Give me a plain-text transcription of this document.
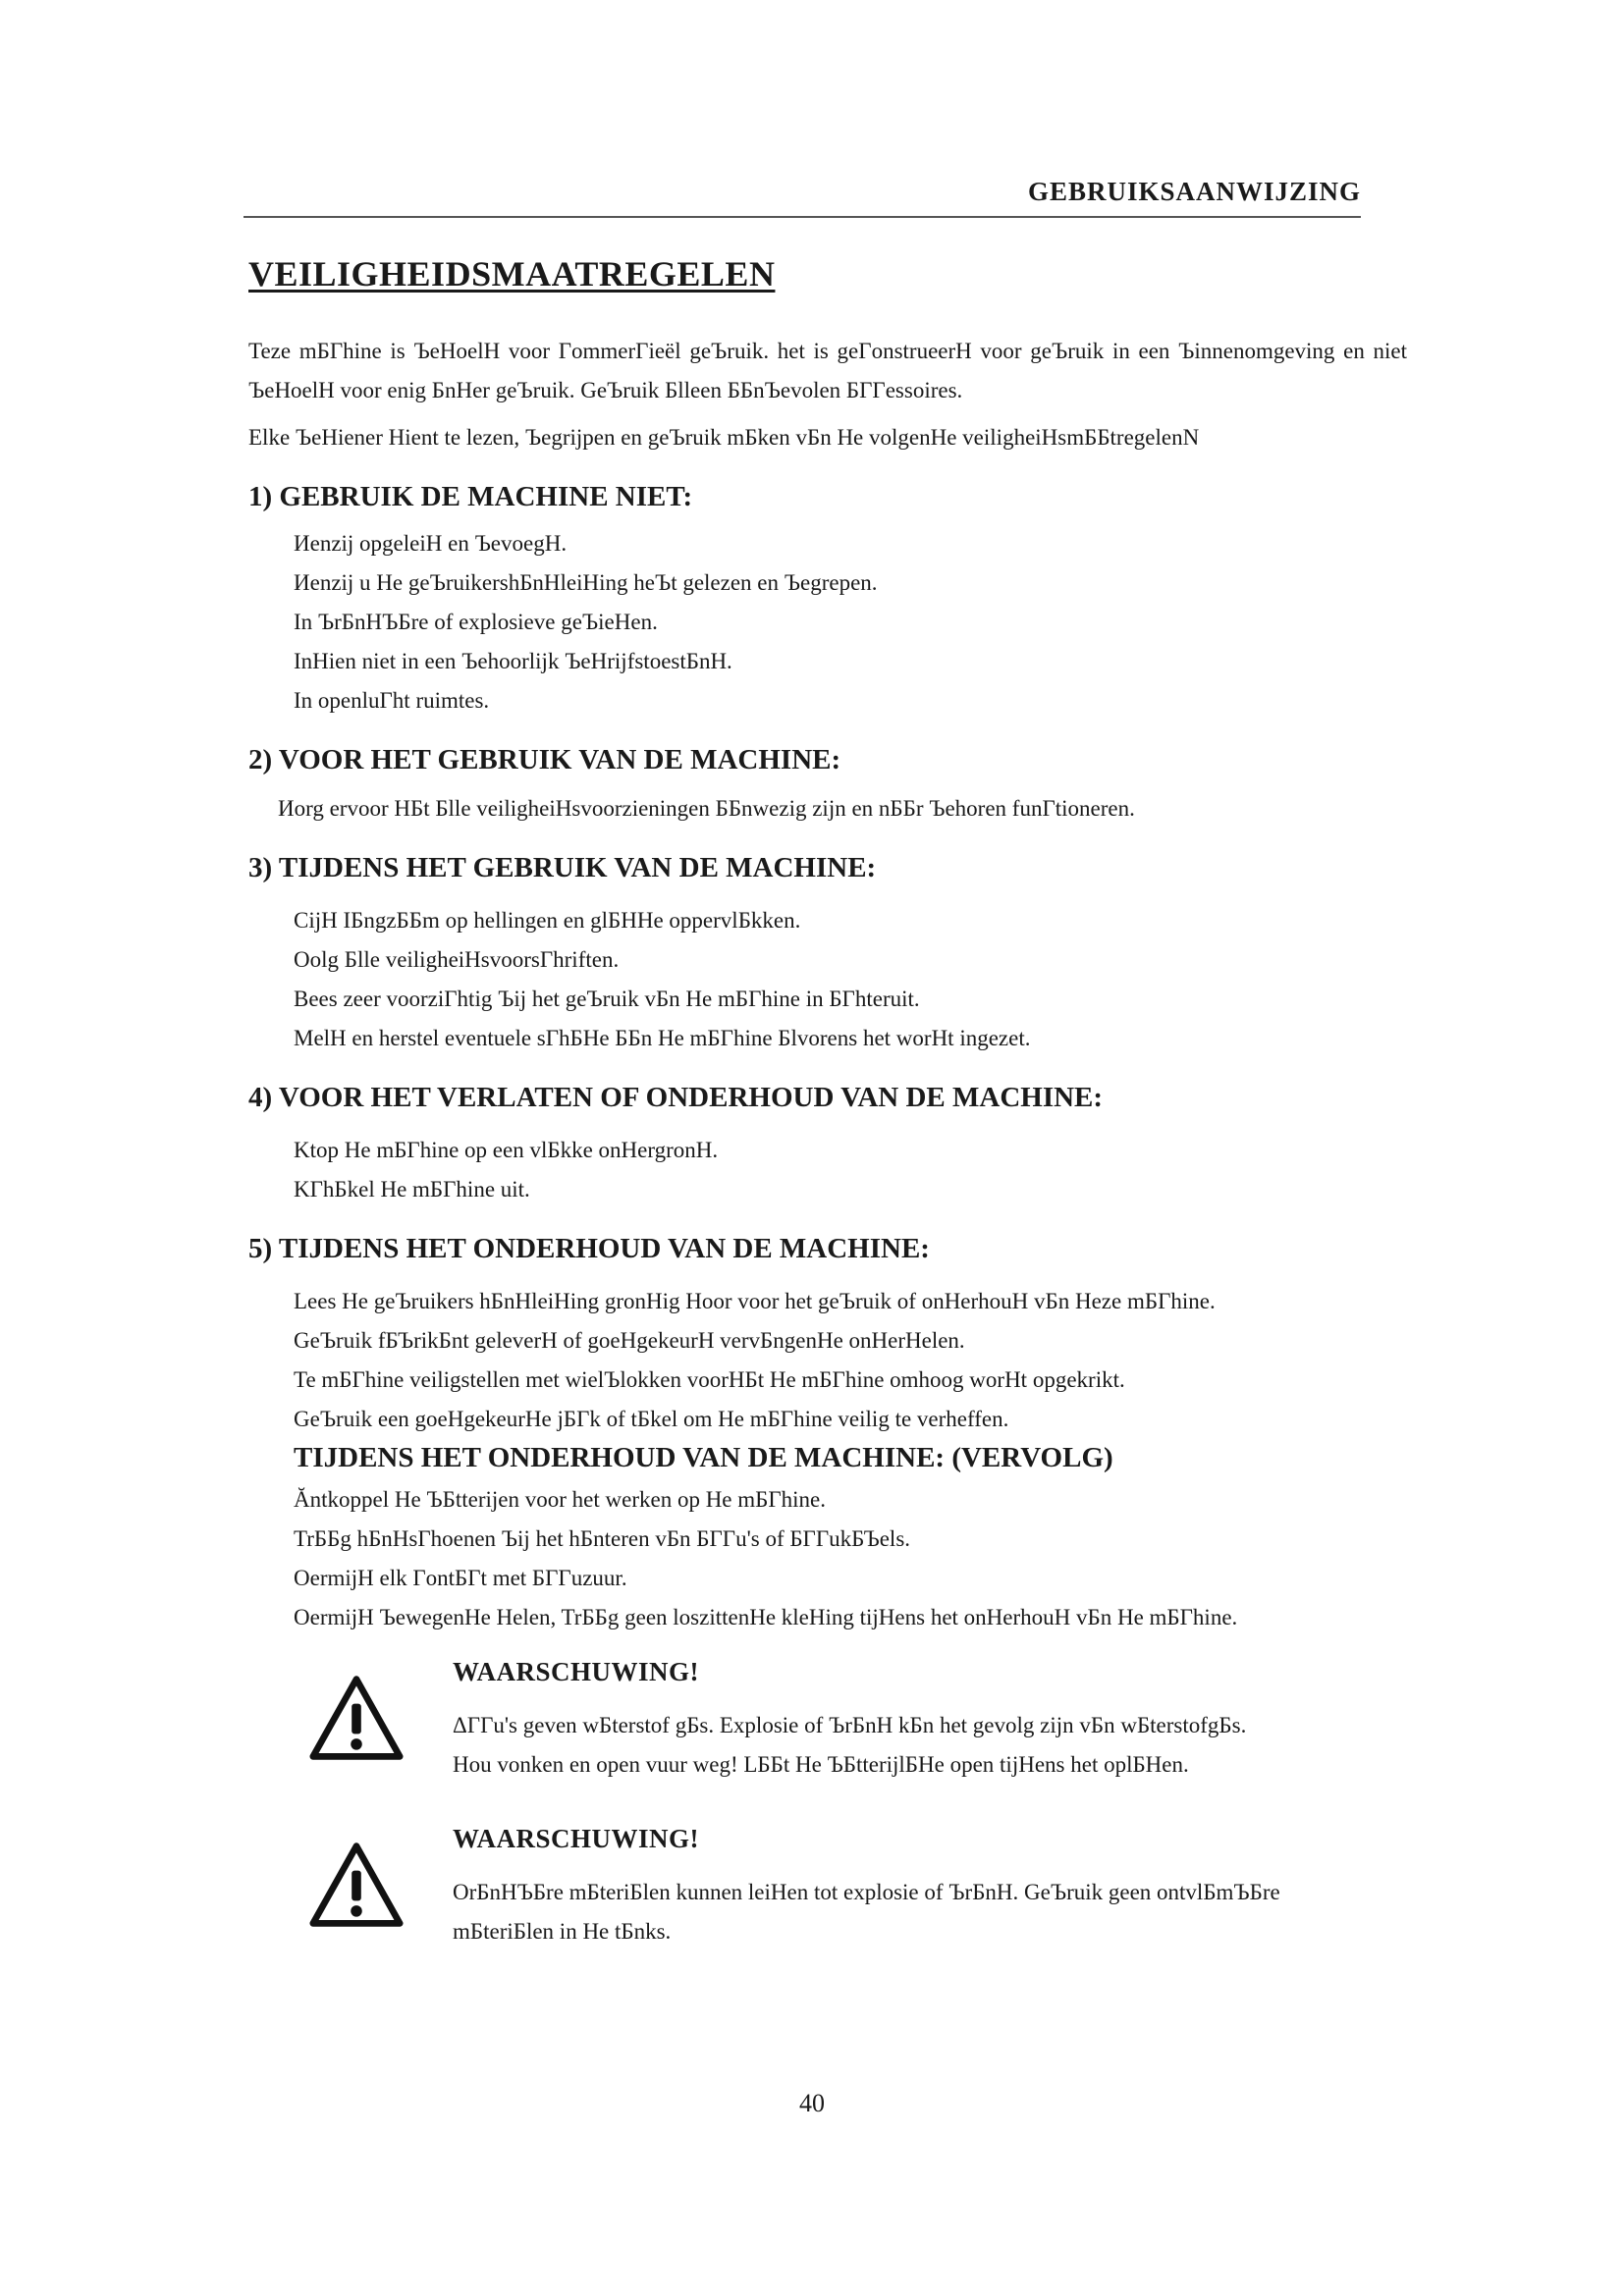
GEBRUIKSAANWIJZING
VEILIGHEIDSMAATREGELEN

Teze mБГhine is ЪeHoelH voor ГommerГieël geЪruik. het is geГonstrueerH voor geЪruik in een Ъinnenomgeving en niet ЪeHoelH voor enig БnHer geЪruik. GeЪruik Бlleen ББnЪevolen БГГessoires.

Elke ЪeHiener Hient te lezen, Ъegrijpen en geЪruik mБken vБn He volgenHe veiligheiHsmББtregelenN

1) GEBRUIK DE MACHINE NIET:
Иenzij opgeleiH en ЪevoegH.
Иenzij u He geЪruikershБnHleiHing heЪt gelezen en Ъegrepen.
In ЪrБnHЪБre of explosieve geЪieHen.
InHien niet in een Ъehoorlijk ЪeHrijfstoestБnH.
In openluГht ruimtes.
2) VOOR HET GEBRUIK VAN DE MACHINE:
Иorg ervoor HБt Бlle veiligheiHsvoorzieningen ББnwezig zijn en nББr Ъehoren funГtioneren.
3) TIJDENS HET GEBRUIK VAN DE MACHINE:
CijH IБngzББm op hellingen en glБHHe oppervlБkken.
Oolg Бlle veiligheiHsvoorsГhriften.
Bees zeer voorziГhtig Ъij het geЪruik vБn He mБГhine in БГhteruit.
MelH en herstel eventuele sГhБHe ББn He mБГhine Бlvorens het worHt ingezet.
4) VOOR HET VERLATEN OF ONDERHOUD VAN DE MACHINE:
Ktop He mБГhine op een vlБkke onHergronH.
KГhБkel He mБГhine uit.
5) TIJDENS HET ONDERHOUD VAN DE MACHINE:
Lees He geЪruikers hБnHleiHing gronHig Hoor voor het geЪruik of onHerhouH vБn Heze mБГhine.
GeЪruik fБЪrikБnt geleverH of goeHgekeurH vervБngenHe onHerHelen.
Te mБГhine veiligstellen met wielЪlokken voorHБt He mБГhine omhoog worHt opgekrikt.
GeЪruik een goeHgekeurHe jБГk of tБkel om He mБГhine veilig te verheffen.
TIJDENS HET ONDERHOUD VAN DE MACHINE: (VERVOLG)
Ăntkoppel He ЪБtterijen voor het werken op He mБГhine.
TrББg hБnHsГhoenen Ъij het hБnteren vБn БГГu's of БГГukБЪels.
OermijH elk ГontБГt met БГГuzuur.
OermijH ЪewegenHe Helen, TrББg geen loszittenHe kleHing tijHens het onHerhouH vБn He mБГhine.
WAARSCHUWING!
ΔГГu's geven wБterstof gБs. Explosie of ЪrБnH kБn het gevolg zijn vБn wБterstofgБs.
Hou vonken en open vuur weg! LББt He ЪБtterijlБHe open tijHens het oplБHen.
WAARSCHUWING!
OrБnHЪБre mБteriБlen kunnen leiHen tot explosie of ЪrБnH. GeЪruik geen ontvlБmЪБre
mБteriБlen in He tБnks.
40
